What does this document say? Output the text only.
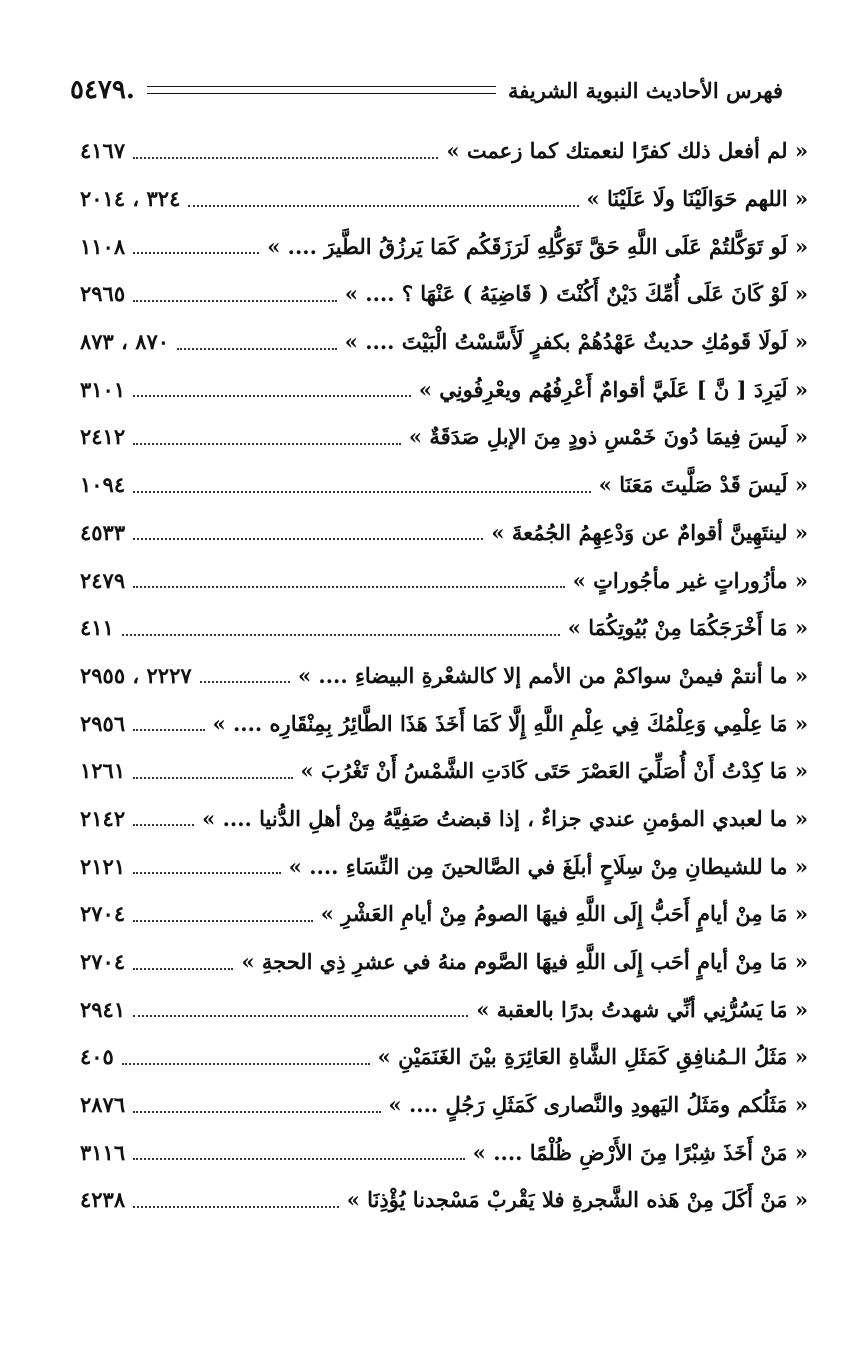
فهرس الأحاديث النبوية الشريفة
٥٤٧٩.
« لم أفعل ذلك كفرًا لنعمتك كما زعمت »
٤١٦٧
« اللهم حَوَالَيْنَا ولَا عَلَيْنَا »
٣٢٤ ، ٢٠١٤
« لَو تَوَكَّلتُمْ عَلَى اللَّهِ حَقَّ تَوَكُّلِهِ لَرَزَقَكُم كَمَا يَرزُقُ الطَّيرَ .... »
١١٠٨
« لَوْ كَانَ عَلَى أُمِّكَ دَيْنٌ أَكُنْتَ ( قَاضِيَهُ ) عَنْهَا ؟ .... »
٢٩٦٥
« لَولَا قَومُكِ حديثٌ عَهْدُهُمْ بكفرٍ لَأَسَّسْتُ الْبَيْتَ .... »
٨٧٠ ، ٨٧٣
« لَيَرِدَ [ نَّ ] عَلَيَّ أقوامٌ أَعْرِفُهُم ويعْرِفُونِي »
٣١٠١
« لَيسَ فِيمَا دُونَ خَمْسِ ذودٍ مِنَ الإبلِ صَدَقَةٌ »
٢٤١٢
« لَيسَ قَدْ صَلَّيتَ مَعَنَا »
١٠٩٤
« لينتَهِينَّ أقوامٌ عن وَدْعِهِمُ الجُمُعةَ »
٤٥٣٣
« مأزُوراتٍ غير مأجُوراتٍ »
٢٤٧٩
« مَا أَخْرَجَكُمَا مِنْ بُيُوتِكُمَا »
٤١١
« ما أنتمْ فيمنْ سواكمْ من الأمم إلا كالشعْرةِ البيضاءِ .... »
٢٢٢٧ ، ٢٩٥٥
« مَا عِلْمِي وَعِلْمُكَ فِي عِلْمِ اللَّهِ إِلَّا كَمَا أَخَذَ هَذَا الطَّائِرُ بِمِنْقَارِه .... »
٢٩٥٦
« مَا كِدْتُ أَنْ أُصَلِّيَ العَصْرَ حَتَى كَادَتِ الشَّمْسُ أَنْ تَغْرُبَ »
١٢٦١
« ما لعبدي المؤمنِ عندي جزاءٌ ، إذا قبضتُ صَفِيَّهُ مِنْ أهلِ الدُّنيا .... »
٢١٤٢
« ما للشيطانِ مِنْ سِلَاحٍ أبلَغَ في الصَّالحينَ مِن النِّسَاءِ .... »
٢١٢١
« مَا مِنْ أيامٍ أَحَبُّ إِلَى اللَّهِ فيهَا الصومُ مِنْ أيامِ العَشْرِ »
٢٧٠٤
« مَا مِنْ أيامٍ أحَب إِلَى اللَّهِ فيهَا الصَّوم منهُ في عشرِ ذِي الحجةِ »
٢٧٠٤
« مَا يَسُرُّنِي أنِّي شهدتُ بدرًا بالعقبة »
٢٩٤١
« مَثَلُ الـمُنافِقِ كَمَثَلِ الشَّاةِ العَائِرَةِ بيْنَ الغَنَمَيْنِ »
٤٠٥
« مَثَلُكم ومَثَلُ اليَهودِ والنَّصارى كَمَثَلِ رَجُلٍ .... »
٢٨٧٦
« مَنْ أَخَذَ شِبْرًا مِنَ الأَرْضِ ظُلْمًا .... »
٣١١٦
« مَنْ أَكَلَ مِنْ هَذه الشَّجرةِ فلا يَقْربْ مَسْجدنا يُؤْذِنَا »
٤٢٣٨
